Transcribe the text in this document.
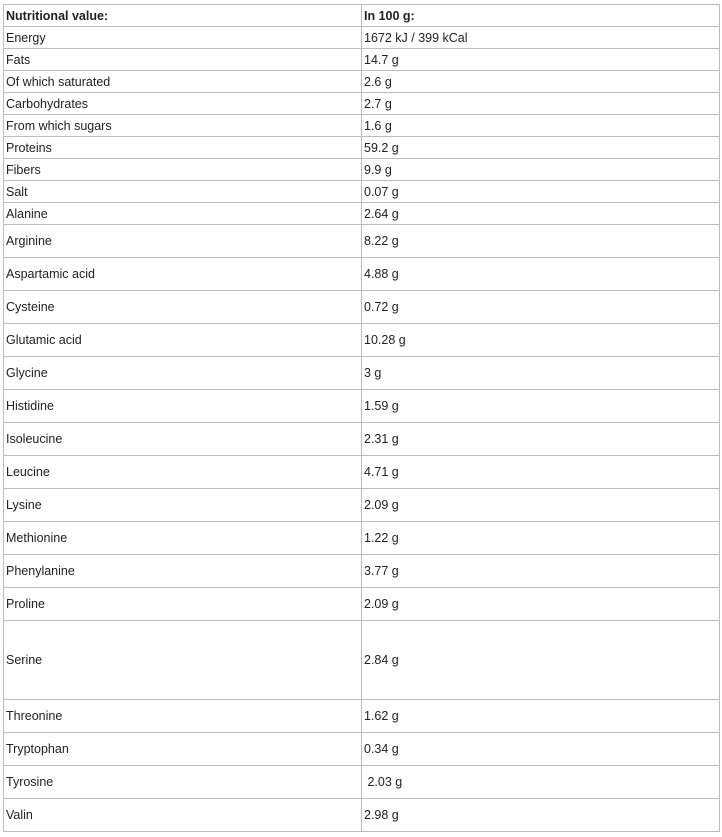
Nutritional value:	In 100 g:
Energy	1672 kJ / 399 kCal
Fats	14.7 g
Of which saturated	2.6 g
Carbohydrates	2.7 g
From which sugars	1.6 g
Proteins	59.2 g
Fibers	9.9 g
Salt	0.07 g
Alanine	2.64 g
Arginine	8.22 g
Aspartamic acid	4.88 g
Cysteine	0.72 g
Glutamic acid	10.28 g
Glycine	3 g
Histidine	1.59 g
Isoleucine	2.31 g
Leucine	4.71 g
Lysine	2.09 g
Methionine	1.22 g
Phenylanine	3.77 g
Proline	2.09 g
Serine	2.84 g
Threonine	1.62 g
Tryptophan	0.34 g
Tyrosine	2.03 g
Valin	2.98 g
